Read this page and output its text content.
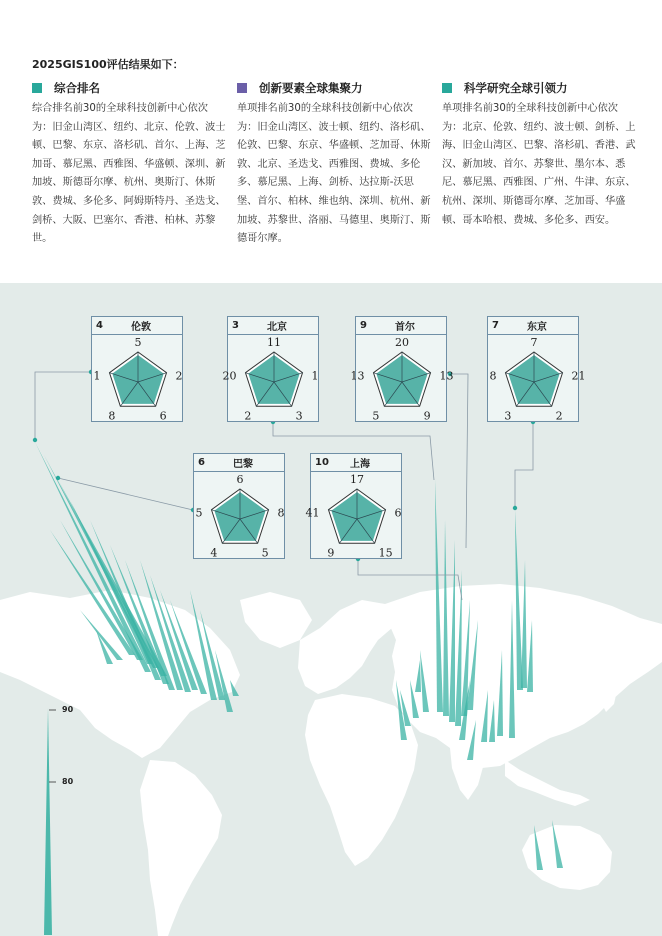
2025GIS100评估结果如下：
综合排名
综合排名前30的全球科技创新中心依次为：旧金山湾区、纽约、北京、伦敦、波士顿、巴黎、东京、洛杉矶、首尔、上海、芝加哥、慕尼黑、西雅图、华盛顿、深圳、新加坡、斯德哥尔摩、杭州、奥斯汀、休斯敦、费城、多伦多、阿姆斯特丹、圣迭戈、剑桥、大阪、巴塞尔、香港、柏林、苏黎世。
创新要素全球集聚力
单项排名前30的全球科技创新中心依次为：旧金山湾区、波士顿、纽约、洛杉矶、伦敦、巴黎、东京、华盛顿、芝加哥、休斯敦、北京、圣迭戈、西雅图、费城、多伦多、慕尼黑、上海、剑桥、达拉斯-沃思堡、首尔、柏林、维也纳、深圳、杭州、新加坡、苏黎世、洛丽、马德里、奥斯汀、斯德哥尔摩。
科学研究全球引领力
单项排名前30的全球科技创新中心依次为：北京、伦敦、纽约、波士顿、剑桥、上海、旧金山湾区、巴黎、洛杉矶、香港、武汉、新加坡、首尔、苏黎世、墨尔本、悉尼、慕尼黑、西雅图、广州、牛津、东京、杭州、深圳、斯德哥尔摩、芝加哥、华盛顿、哥本哈根、费城、多伦多、西安。
90
80
4	伦敦
5
2
6
8
1
3	北京
11
1
3
2
20
9	首尔
20
13
9
5
13
7	东京
7
21
2
3
8
6	巴黎
6
8
5
4
5
10	上海
17
6
15
9
41
